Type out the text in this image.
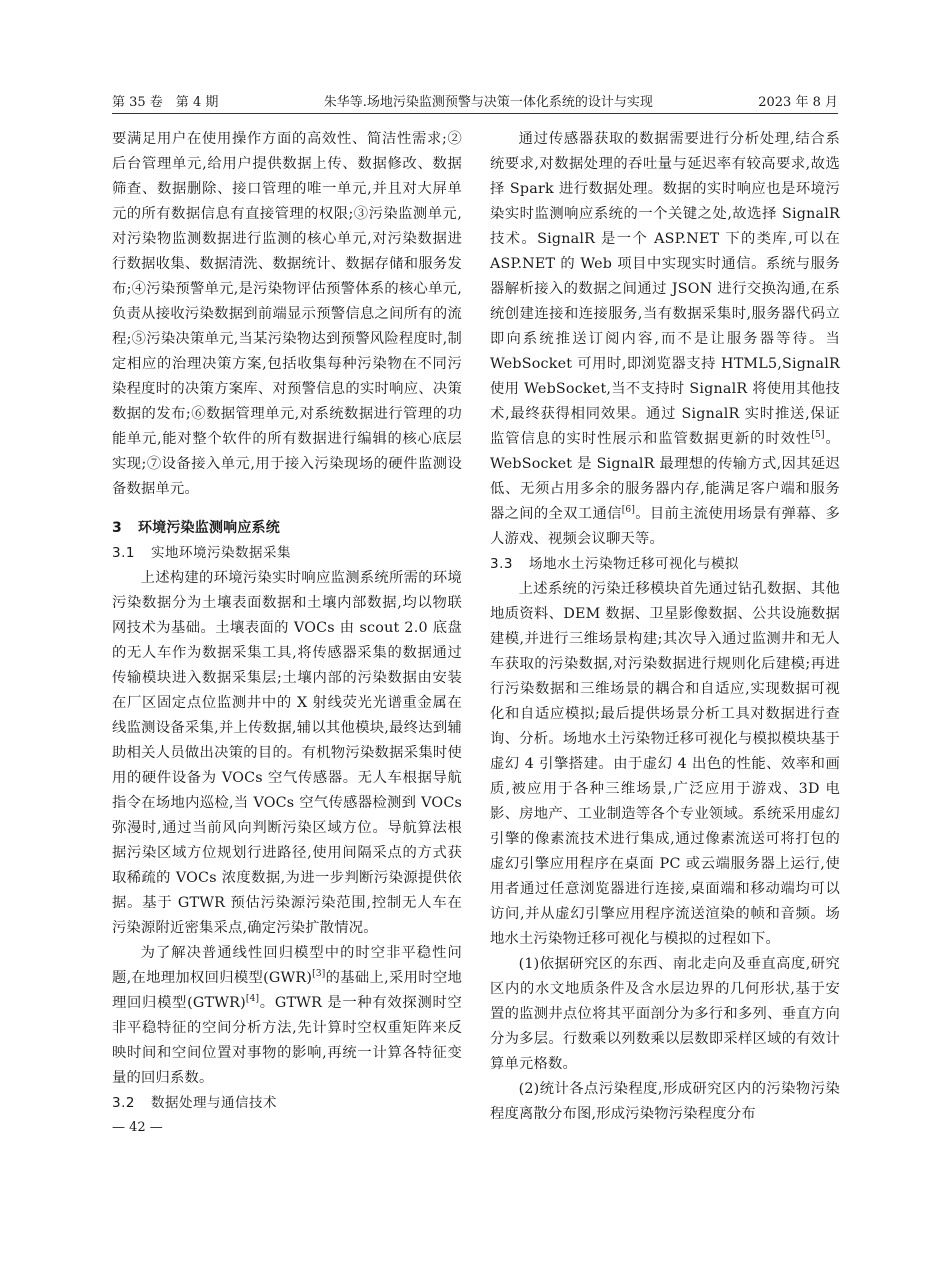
第 35 卷　第 4 期	朱华等.场地污染监测预警与决策一体化系统的设计与实现	2023 年 8 月

要满足用户在使用操作方面的高效性、简洁性需求;②后台管理单元,给用户提供数据上传、数据修改、数据筛查、数据删除、接口管理的唯一单元,并且对大屏单元的所有数据信息有直接管理的权限;③污染监测单元,对污染物监测数据进行监测的核心单元,对污染数据进行数据收集、数据清洗、数据统计、数据存储和服务发布;④污染预警单元,是污染物评估预警体系的核心单元,负责从接收污染数据到前端显示预警信息之间所有的流程;⑤污染决策单元,当某污染物达到预警风险程度时,制定相应的治理决策方案,包括收集每种污染物在不同污染程度时的决策方案库、对预警信息的实时响应、决策数据的发布;⑥数据管理单元,对系统数据进行管理的功能单元,能对整个软件的所有数据进行编辑的核心底层实现;⑦设备接入单元,用于接入污染现场的硬件监测设备数据单元。

3 环境污染监测响应系统

3.1 实地环境污染数据采集

上述构建的环境污染实时响应监测系统所需的环境污染数据分为土壤表面数据和土壤内部数据,均以物联网技术为基础。土壤表面的 VOCs 由 scout 2.0 底盘的无人车作为数据采集工具,将传感器采集的数据通过传输模块进入数据采集层;土壤内部的污染数据由安装在厂区固定点位监测井中的 X 射线荧光光谱重金属在线监测设备采集,并上传数据,辅以其他模块,最终达到辅助相关人员做出决策的目的。有机物污染数据采集时使用的硬件设备为 VOCs 空气传感器。无人车根据导航指令在场地内巡检,当 VOCs 空气传感器检测到 VOCs 弥漫时,通过当前风向判断污染区域方位。导航算法根据污染区域方位规划行进路径,使用间隔采点的方式获取稀疏的 VOCs 浓度数据,为进一步判断污染源提供依据。基于 GTWR 预估污染源污染范围,控制无人车在污染源附近密集采点,确定污染扩散情况。

为了解决普通线性回归模型中的时空非平稳性问题,在地理加权回归模型(GWR)[3]的基础上,采用时空地理回归模型(GTWR)[4]。GTWR 是一种有效探测时空非平稳特征的空间分析方法,先计算时空权重矩阵来反映时间和空间位置对事物的影响,再统一计算各特征变量的回归系数。

3.2 数据处理与通信技术

通过传感器获取的数据需要进行分析处理,结合系统要求,对数据处理的吞吐量与延迟率有较高要求,故选择 Spark 进行数据处理。数据的实时响应也是环境污染实时监测响应系统的一个关键之处,故选择 SignalR 技术。SignalR 是一个 ASP.NET 下的类库,可以在 ASP.NET 的 Web 项目中实现实时通信。系统与服务器解析接入的数据之间通过 JSON 进行交换沟通,在系统创建连接和连接服务,当有数据采集时,服务器代码立即向系统推送订阅内容,而不是让服务器等待。当 WebSocket 可用时,即浏览器支持 HTML5,SignalR 使用 WebSocket,当不支持时 SignalR 将使用其他技术,最终获得相同效果。通过 SignalR 实时推送,保证监管信息的实时性展示和监管数据更新的时效性[5]。WebSocket 是 SignalR 最理想的传输方式,因其延迟低、无须占用多余的服务器内存,能满足客户端和服务器之间的全双工通信[6]。目前主流使用场景有弹幕、多人游戏、视频会议聊天等。

3.3 场地水土污染物迁移可视化与模拟

上述系统的污染迁移模块首先通过钻孔数据、其他地质资料、DEM 数据、卫星影像数据、公共设施数据建模,并进行三维场景构建;其次导入通过监测井和无人车获取的污染数据,对污染数据进行规则化后建模;再进行污染数据和三维场景的耦合和自适应,实现数据可视化和自适应模拟;最后提供场景分析工具对数据进行查询、分析。场地水土污染物迁移可视化与模拟模块基于虚幻 4 引擎搭建。由于虚幻 4 出色的性能、效率和画质,被应用于各种三维场景,广泛应用于游戏、3D 电影、房地产、工业制造等各个专业领域。系统采用虚幻引擎的像素流技术进行集成,通过像素流送可将打包的虚幻引擎应用程序在桌面 PC 或云端服务器上运行,使用者通过任意浏览器进行连接,桌面端和移动端均可以访问,并从虚幻引擎应用程序流送渲染的帧和音频。场地水土污染物迁移可视化与模拟的过程如下。

(1)依据研究区的东西、南北走向及垂直高度,研究区内的水文地质条件及含水层边界的几何形状,基于安置的监测井点位将其平面剖分为多行和多列、垂直方向分为多层。行数乘以列数乘以层数即采样区域的有效计算单元格数。

(2)统计各点污染程度,形成研究区内的污染物污染程度离散分布图,形成污染物污染程度分布

— 42 —
